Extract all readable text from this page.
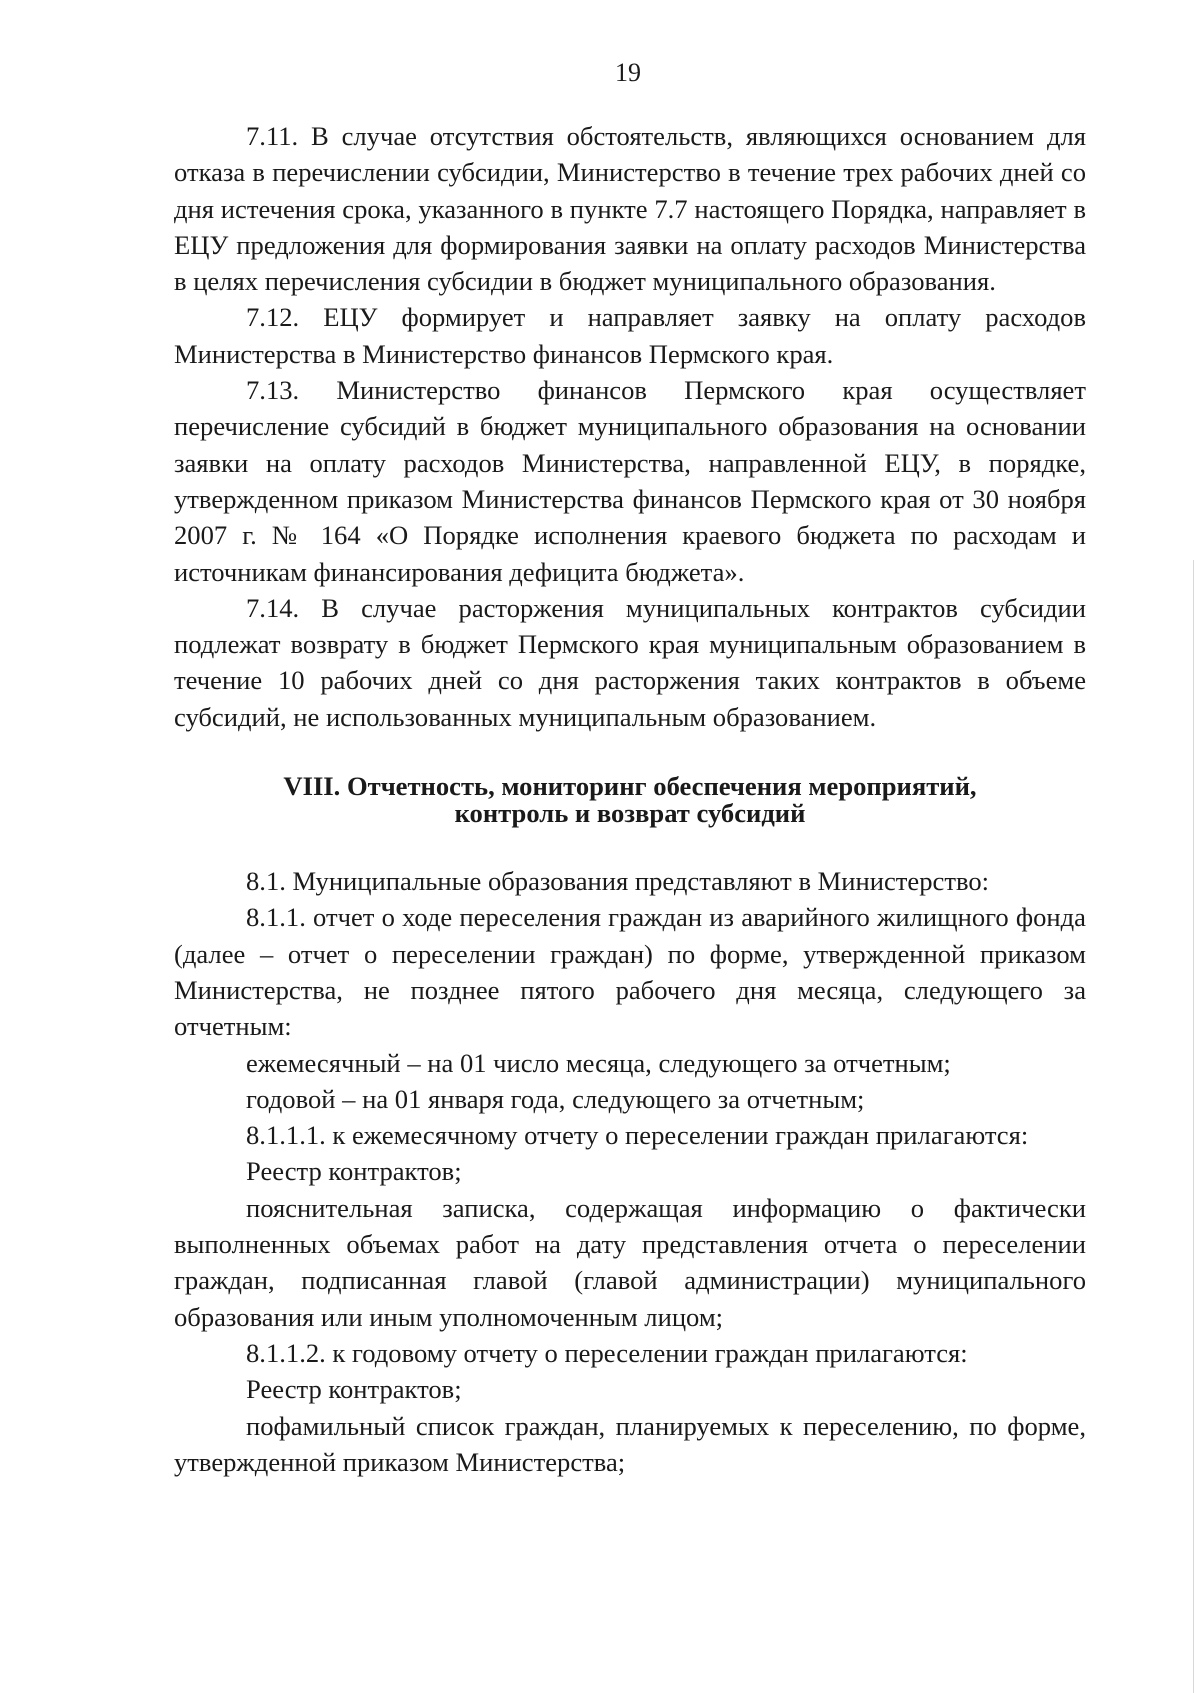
19

7.11. В случае отсутствия обстоятельств, являющихся основанием для отказа в перечислении субсидии, Министерство в течение трех рабочих дней со дня истечения срока, указанного в пункте 7.7 настоящего Порядка, направляет в ЕЦУ предложения для формирования заявки на оплату расходов Министерства в целях перечисления субсидии в бюджет муниципального образования.

7.12. ЕЦУ формирует и направляет заявку на оплату расходов Министерства в Министерство финансов Пермского края.

7.13. Министерство финансов Пермского края осуществляет перечисление субсидий в бюджет муниципального образования на основании заявки на оплату расходов Министерства, направленной ЕЦУ, в порядке, утвержденном приказом Министерства финансов Пермского края от 30 ноября 2007 г. № 164 «О Порядке исполнения краевого бюджета по расходам и источникам финансирования дефицита бюджета».

7.14. В случае расторжения муниципальных контрактов субсидии подлежат возврату в бюджет Пермского края муниципальным образованием в течение 10 рабочих дней со дня расторжения таких контрактов в объеме субсидий, не использованных муниципальным образованием.

VIII. Отчетность, мониторинг обеспечения мероприятий,
контроль и возврат субсидий

8.1. Муниципальные образования представляют в Министерство:

8.1.1. отчет о ходе переселения граждан из аварийного жилищного фонда (далее – отчет о переселении граждан) по форме, утвержденной приказом Министерства, не позднее пятого рабочего дня месяца, следующего за отчетным:

ежемесячный – на 01 число месяца, следующего за отчетным;

годовой – на 01 января года, следующего за отчетным;

8.1.1.1. к ежемесячному отчету о переселении граждан прилагаются:

Реестр контрактов;

пояснительная записка, содержащая информацию о фактически выполненных объемах работ на дату представления отчета о переселении граждан, подписанная главой (главой администрации) муниципального образования или иным уполномоченным лицом;

8.1.1.2. к годовому отчету о переселении граждан прилагаются:

Реестр контрактов;

пофамильный список граждан, планируемых к переселению, по форме, утвержденной приказом Министерства;
